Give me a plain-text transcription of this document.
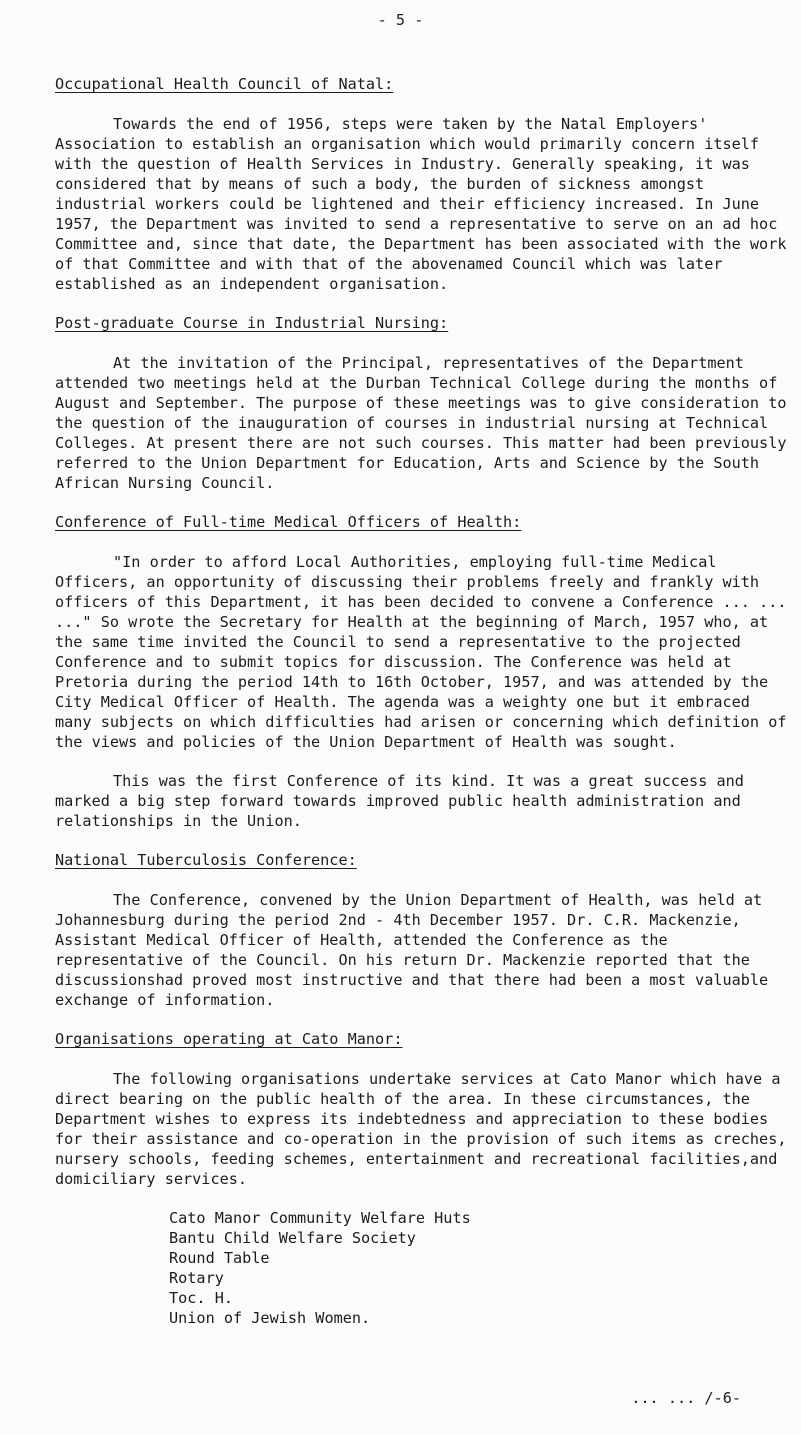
- 5 -
Occupational Health Council of Natal:

Towards the end of 1956, steps were taken by the Natal Employers' Association to establish an organisation which would primarily concern itself with the question of Health Services in Industry. Generally speaking, it was considered that by means of such a body, the burden of sickness amongst industrial workers could be lightened and their efficiency increased. In June 1957, the Department was invited to send a representative to serve on an ad hoc Committee and, since that date, the Department has been associated with the work of that Committee and with that of the abovenamed Council which was later established as an independent organisation.

Post-graduate Course in Industrial Nursing:

At the invitation of the Principal, representatives of the Department attended two meetings held at the Durban Technical College during the months of August and September. The purpose of these meetings was to give consideration to the question of the inauguration of courses in industrial nursing at Technical Colleges. At present there are not such courses. This matter had been previously referred to the Union Department for Education, Arts and Science by the South African Nursing Council.

Conference of Full-time Medical Officers of Health:

"In order to afford Local Authorities, employing full-time Medical Officers, an opportunity of discussing their problems freely and frankly with officers of this Department, it has been decided to convene a Conference ... ... ..." So wrote the Secretary for Health at the beginning of March, 1957 who, at the same time invited the Council to send a representative to the projected Conference and to submit topics for discussion. The Conference was held at Pretoria during the period 14th to 16th October, 1957, and was attended by the City Medical Officer of Health. The agenda was a weighty one but it embraced many subjects on which difficulties had arisen or concerning which definition of the views and policies of the Union Department of Health was sought.

This was the first Conference of its kind. It was a great success and marked a big step forward towards improved public health administration and relationships in the Union.

National Tuberculosis Conference:

The Conference, convened by the Union Department of Health, was held at Johannesburg during the period 2nd - 4th December 1957. Dr. C.R. Mackenzie, Assistant Medical Officer of Health, attended the Conference as the representative of the Council. On his return Dr. Mackenzie reported that the discussionshad proved most instructive and that there had been a most valuable exchange of information.

Organisations operating at Cato Manor:

The following organisations undertake services at Cato Manor which have a direct bearing on the public health of the area. In these circumstances, the Department wishes to express its indebtedness and appreciation to these bodies for their assistance and co-operation in the provision of such items as creches, nursery schools, feeding schemes, entertainment and recreational facilities,and domiciliary services.

Cato Manor Community Welfare Huts
Bantu Child Welfare Society
Round Table
Rotary
Toc. H.
Union of Jewish Women.
... ... /-6-
